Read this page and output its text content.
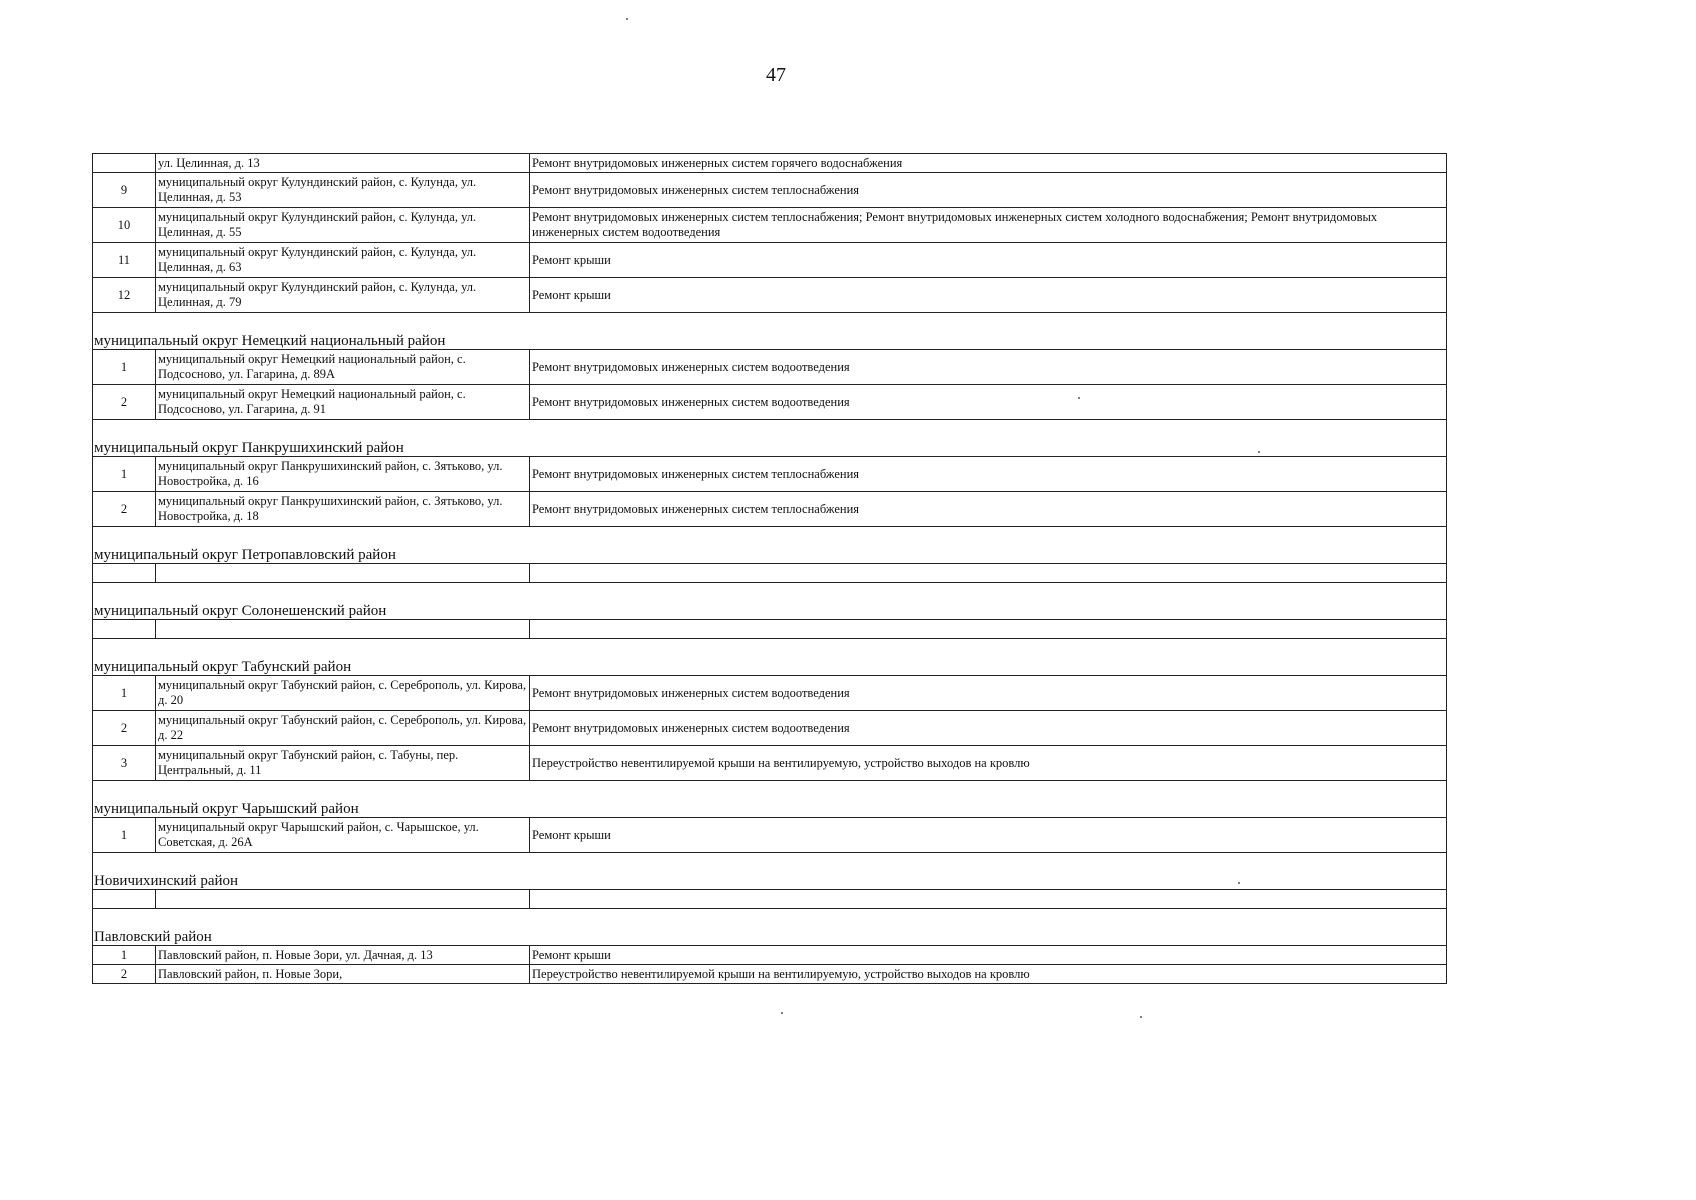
47
	ул. Целинная, д. 13	Ремонт внутридомовых инженерных систем горячего водоснабжения
9	муниципальный округ Кулундинский район, с. Кулунда, ул. Целинная, д. 53	Ремонт внутридомовых инженерных систем теплоснабжения
10	муниципальный округ Кулундинский район, с. Кулунда, ул. Целинная, д. 55	Ремонт внутридомовых инженерных систем теплоснабжения; Ремонт внутридомовых инженерных систем холодного водоснабжения; Ремонт внутридомовых инженерных систем водоотведения
11	муниципальный округ Кулундинский район, с. Кулунда, ул. Целинная, д. 63	Ремонт крыши
12	муниципальный округ Кулундинский район, с. Кулунда, ул. Целинная, д. 79	Ремонт крыши
муниципальный округ Немецкий национальный район		
1	муниципальный округ Немецкий национальный район, с. Подсосново, ул. Гагарина, д. 89А	Ремонт внутридомовых инженерных систем водоотведения
2	муниципальный округ Немецкий национальный район, с. Подсосново, ул. Гагарина, д. 91	Ремонт внутридомовых инженерных систем водоотведения
муниципальный округ Панкрушихинский район		
1	муниципальный округ Панкрушихинский район, с. Зятьково, ул. Новостройка, д. 16	Ремонт внутридомовых инженерных систем теплоснабжения
2	муниципальный округ Панкрушихинский район, с. Зятьково, ул. Новостройка, д. 18	Ремонт внутридомовых инженерных систем теплоснабжения
муниципальный округ Петропавловский район		

муниципальный округ Солонешенский район		

муниципальный округ Табунский район		
1	муниципальный округ Табунский район, с. Сереброполь, ул. Кирова, д. 20	Ремонт внутридомовых инженерных систем водоотведения
2	муниципальный округ Табунский район, с. Сереброполь, ул. Кирова, д. 22	Ремонт внутридомовых инженерных систем водоотведения
3	муниципальный округ Табунский район, с. Табуны, пер. Центральный, д. 11	Переустройство невентилируемой крыши на вентилируемую, устройство выходов на кровлю
муниципальный округ Чарышский район		
1	муниципальный округ Чарышский район, с. Чарышское, ул. Советская, д. 26А	Ремонт крыши
Новичихинский район		

Павловский район		
1	Павловский район, п. Новые Зори, ул. Дачная, д. 13	Ремонт крыши
2	Павловский район, п. Новые Зори,	Переустройство невентилируемой крыши на вентилируемую, устройство выходов на кровлю
